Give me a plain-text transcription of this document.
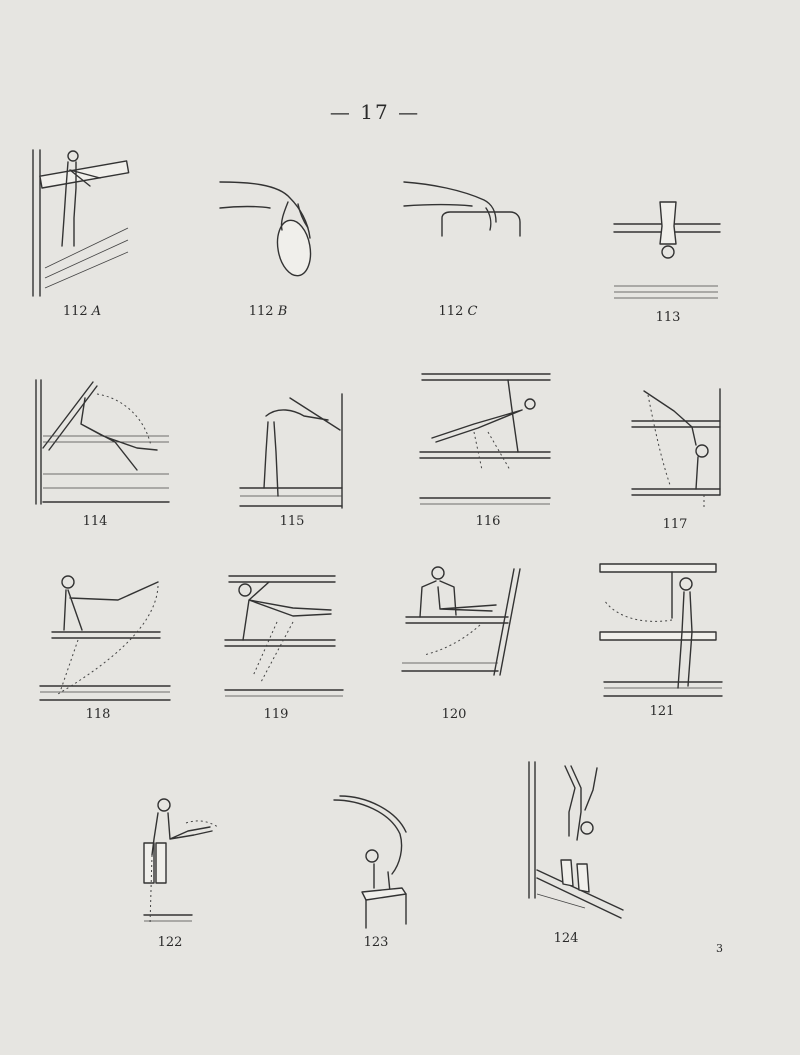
— 17 —
112 A	112 B	112 C	113
114	115	116	117
118	119	120	121
122	123	124
3
